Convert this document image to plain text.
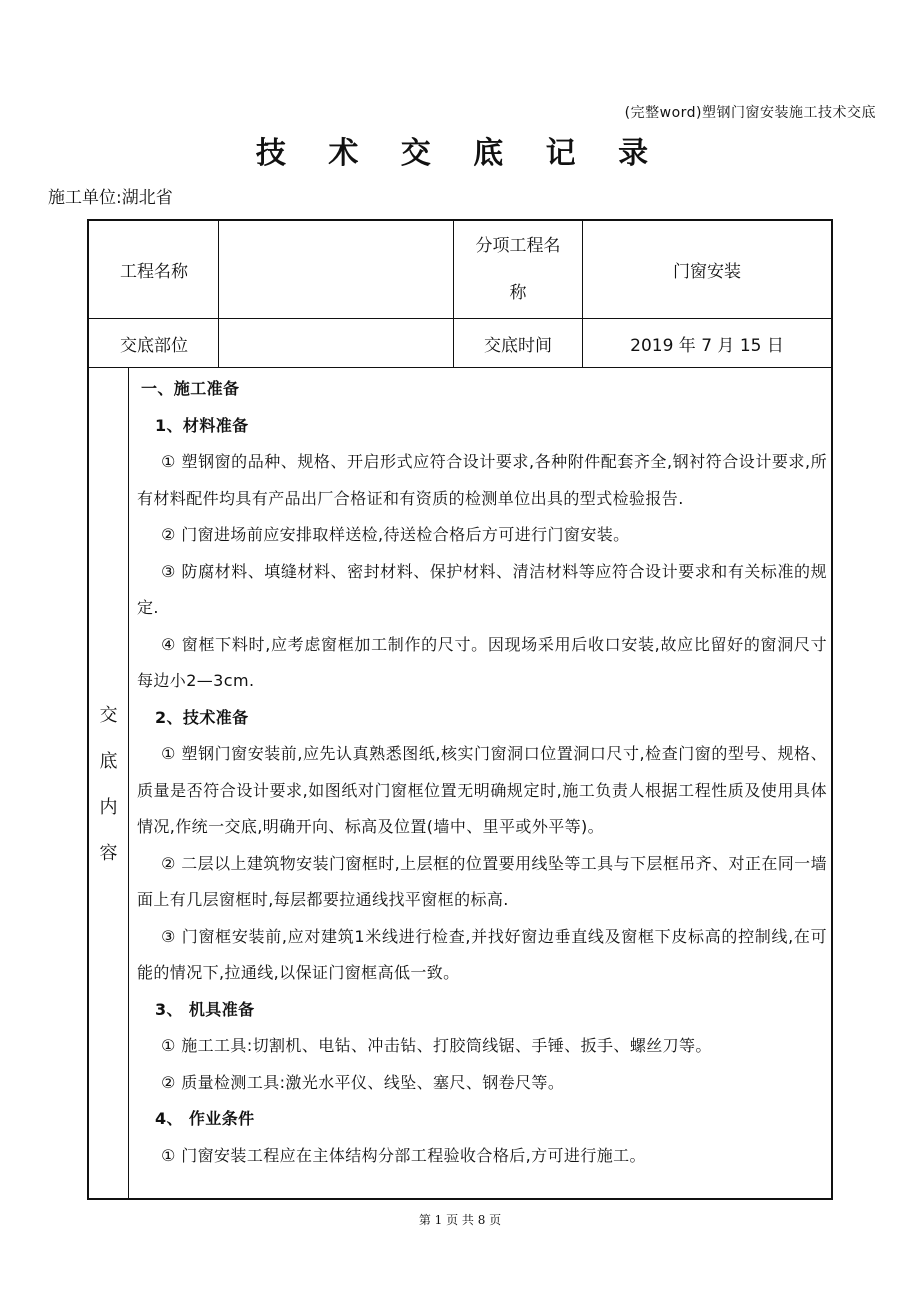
(完整word)塑钢门窗安装施工技术交底
技 术 交 底 记 录
施工单位:湖北省
工程名称
分项工程名
称
门窗安装
交底部位	交底时间	2019 年 7 月 15 日
交
底
内
容

一、施工准备

1、材料准备

① 塑钢窗的品种、规格、开启形式应符合设计要求,各种附件配套齐全,钢衬符合设计要求,所有材料配件均具有产品出厂合格证和有资质的检测单位出具的型式检验报告.

② 门窗进场前应安排取样送检,待送检合格后方可进行门窗安装。

③ 防腐材料、填缝材料、密封材料、保护材料、清洁材料等应符合设计要求和有关标准的规定.

④ 窗框下料时,应考虑窗框加工制作的尺寸。因现场采用后收口安装,故应比留好的窗洞尺寸每边小2—3cm.

2、技术准备

① 塑钢门窗安装前,应先认真熟悉图纸,核实门窗洞口位置洞口尺寸,检查门窗的型号、规格、质量是否符合设计要求,如图纸对门窗框位置无明确规定时,施工负责人根据工程性质及使用具体情况,作统一交底,明确开向、标高及位置(墙中、里平或外平等)。

② 二层以上建筑物安装门窗框时,上层框的位置要用线坠等工具与下层框吊齐、对正在同一墙面上有几层窗框时,每层都要拉通线找平窗框的标高.

③ 门窗框安装前,应对建筑1米线进行检查,并找好窗边垂直线及窗框下皮标高的控制线,在可能的情况下,拉通线,以保证门窗框高低一致。

3、 机具准备

① 施工工具:切割机、电钻、冲击钻、打胶筒线锯、手锤、扳手、螺丝刀等。

② 质量检测工具:激光水平仪、线坠、塞尺、钢卷尺等。

4、 作业条件

① 门窗安装工程应在主体结构分部工程验收合格后,方可进行施工。

第 1 页 共 8 页
